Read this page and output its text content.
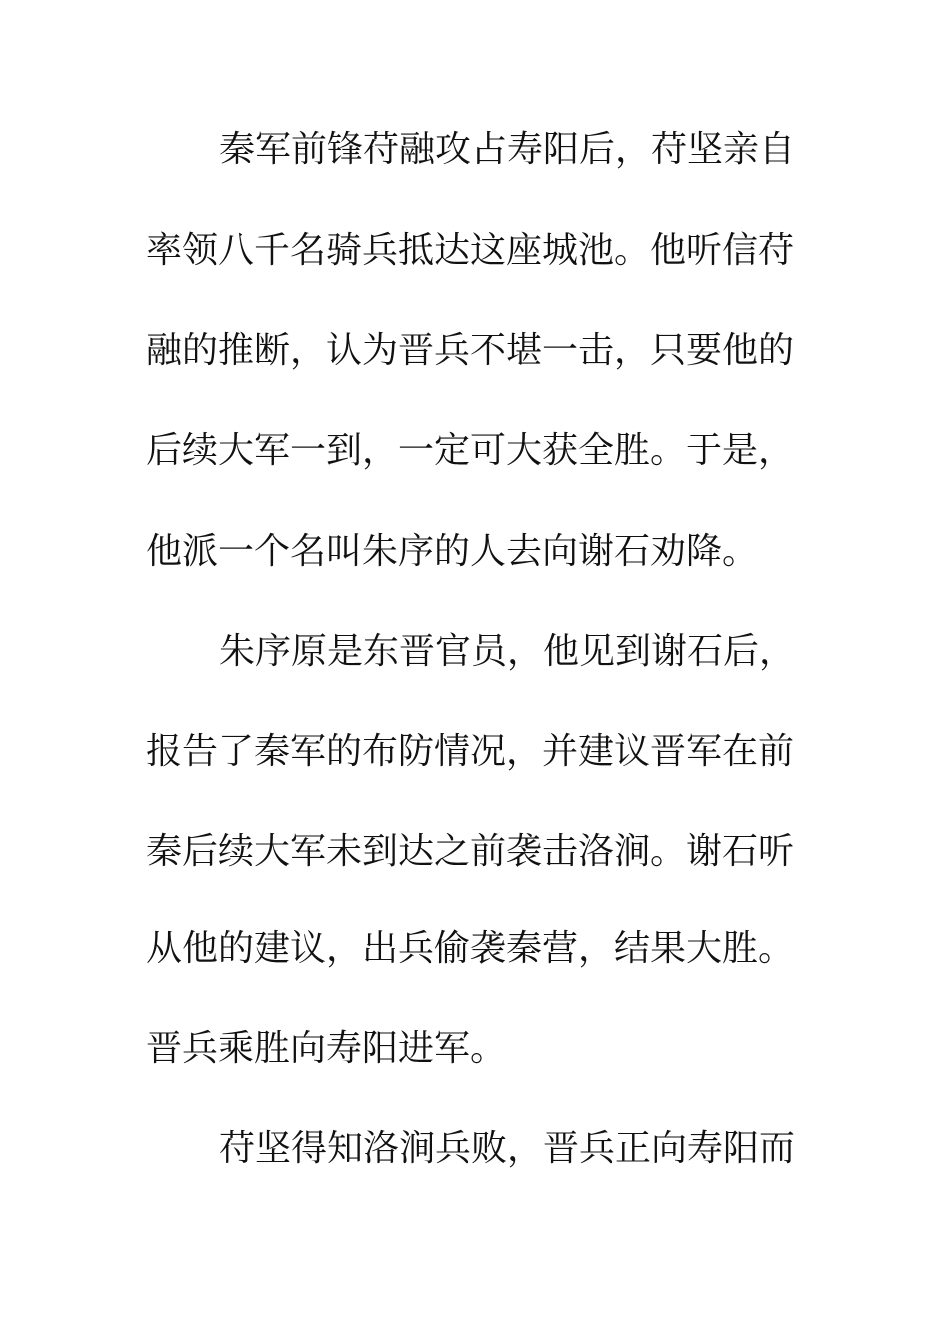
秦军前锋苻融攻占寿阳后，苻坚亲自
率领八千名骑兵抵达这座城池。他听信苻
融的推断，认为晋兵不堪一击，只要他的
后续大军一到，一定可大获全胜。于是，
他派一个名叫朱序的人去向谢石劝降。
朱序原是东晋官员，他见到谢石后，
报告了秦军的布防情况，并建议晋军在前
秦后续大军未到达之前袭击洛涧。谢石听
从他的建议，出兵偷袭秦营，结果大胜。
晋兵乘胜向寿阳进军。
苻坚得知洛涧兵败，晋兵正向寿阳而
